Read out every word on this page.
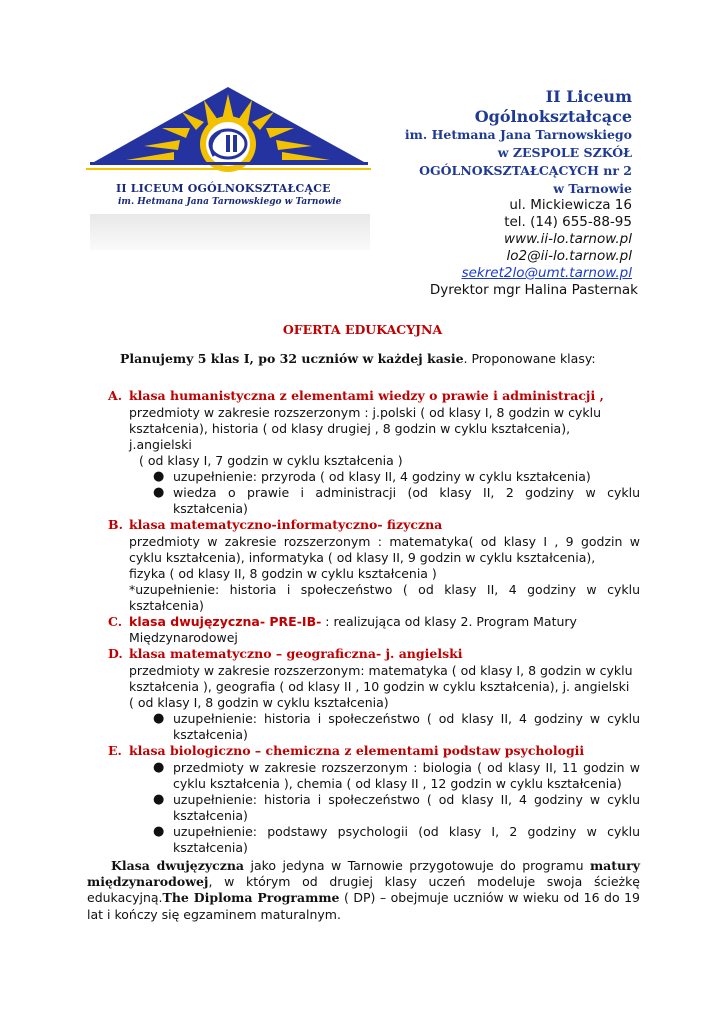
II LICEUM OGÓLNOKSZTAŁCĄCE
im. Hetmana Jana Tarnowskiego w Tarnowie
II Liceum
Ogólnokształcące
im. Hetmana Jana Tarnowskiego
w ZESPOLE SZKÓŁ
OGÓLNOKSZTAŁCĄCYCH nr 2
w Tarnowie
ul. Mickiewicza 16
tel. (14) 655-88-95
www.ii-lo.tarnow.pl
lo2@ii-lo.tarnow.pl
sekret2lo@umt.tarnow.pl
Dyrektor mgr Halina Pasternak
OFERTA EDUKACYJNA
Planujemy 5 klas I, po 32 uczniów w każdej kasie. Proponowane klasy:
A. klasa humanistyczna z elementami wiedzy o prawie i administracji ,
przedmioty w zakresie rozszerzonym : j.polski ( od klasy I, 8 godzin w cyklu
kształcenia), historia ( od klasy drugiej , 8 godzin w cyklu kształcenia),
j.angielski
( od klasy I, 7 godzin w cyklu kształcenia )
● uzupełnienie: przyroda ( od klasy II, 4 godziny w cyklu kształcenia)
● wiedza o prawie i administracji (od klasy II, 2 godziny w cyklu
kształcenia)
B. klasa matematyczno-informatyczno- fizyczna
przedmioty w zakresie rozszerzonym : matematyka( od klasy I , 9 godzin w
cyklu kształcenia), informatyka ( od klasy II, 9 godzin w cyklu kształcenia),
fizyka ( od klasy II, 8 godzin w cyklu kształcenia )
*uzupełnienie: historia i społeczeństwo ( od klasy II, 4 godziny w cyklu
kształcenia)
C. klasa dwujęzyczna- PRE-IB- : realizująca od klasy 2. Program Matury
Międzynarodowej
D. klasa matematyczno – geograficzna- j. angielski
przedmioty w zakresie rozszerzonym: matematyka ( od klasy I, 8 godzin w cyklu
kształcenia ), geografia ( od klasy II , 10 godzin w cyklu kształcenia), j. angielski
( od klasy I, 8 godzin w cyklu kształcenia)
● uzupełnienie: historia i społeczeństwo ( od klasy II, 4 godziny w cyklu
kształcenia)
E. klasa biologiczno – chemiczna z elementami podstaw psychologii
● przedmioty w zakresie rozszerzonym : biologia ( od klasy II, 11 godzin w
cyklu kształcenia ), chemia ( od klasy II , 12 godzin w cyklu kształcenia)
● uzupełnienie: historia i społeczeństwo ( od klasy II, 4 godziny w cyklu
kształcenia)
● uzupełnienie: podstawy psychologii (od klasy I, 2 godziny w cyklu
kształcenia)
Klasa dwujęzyczna jako jedyna w Tarnowie przygotowuje do programu matury międzynarodowej, w którym od drugiej klasy uczeń modeluje swoja ścieżkę edukacyjną.The Diploma Programme ( DP) – obejmuje uczniów w wieku od 16 do 19 lat i kończy się egzaminem maturalnym.
